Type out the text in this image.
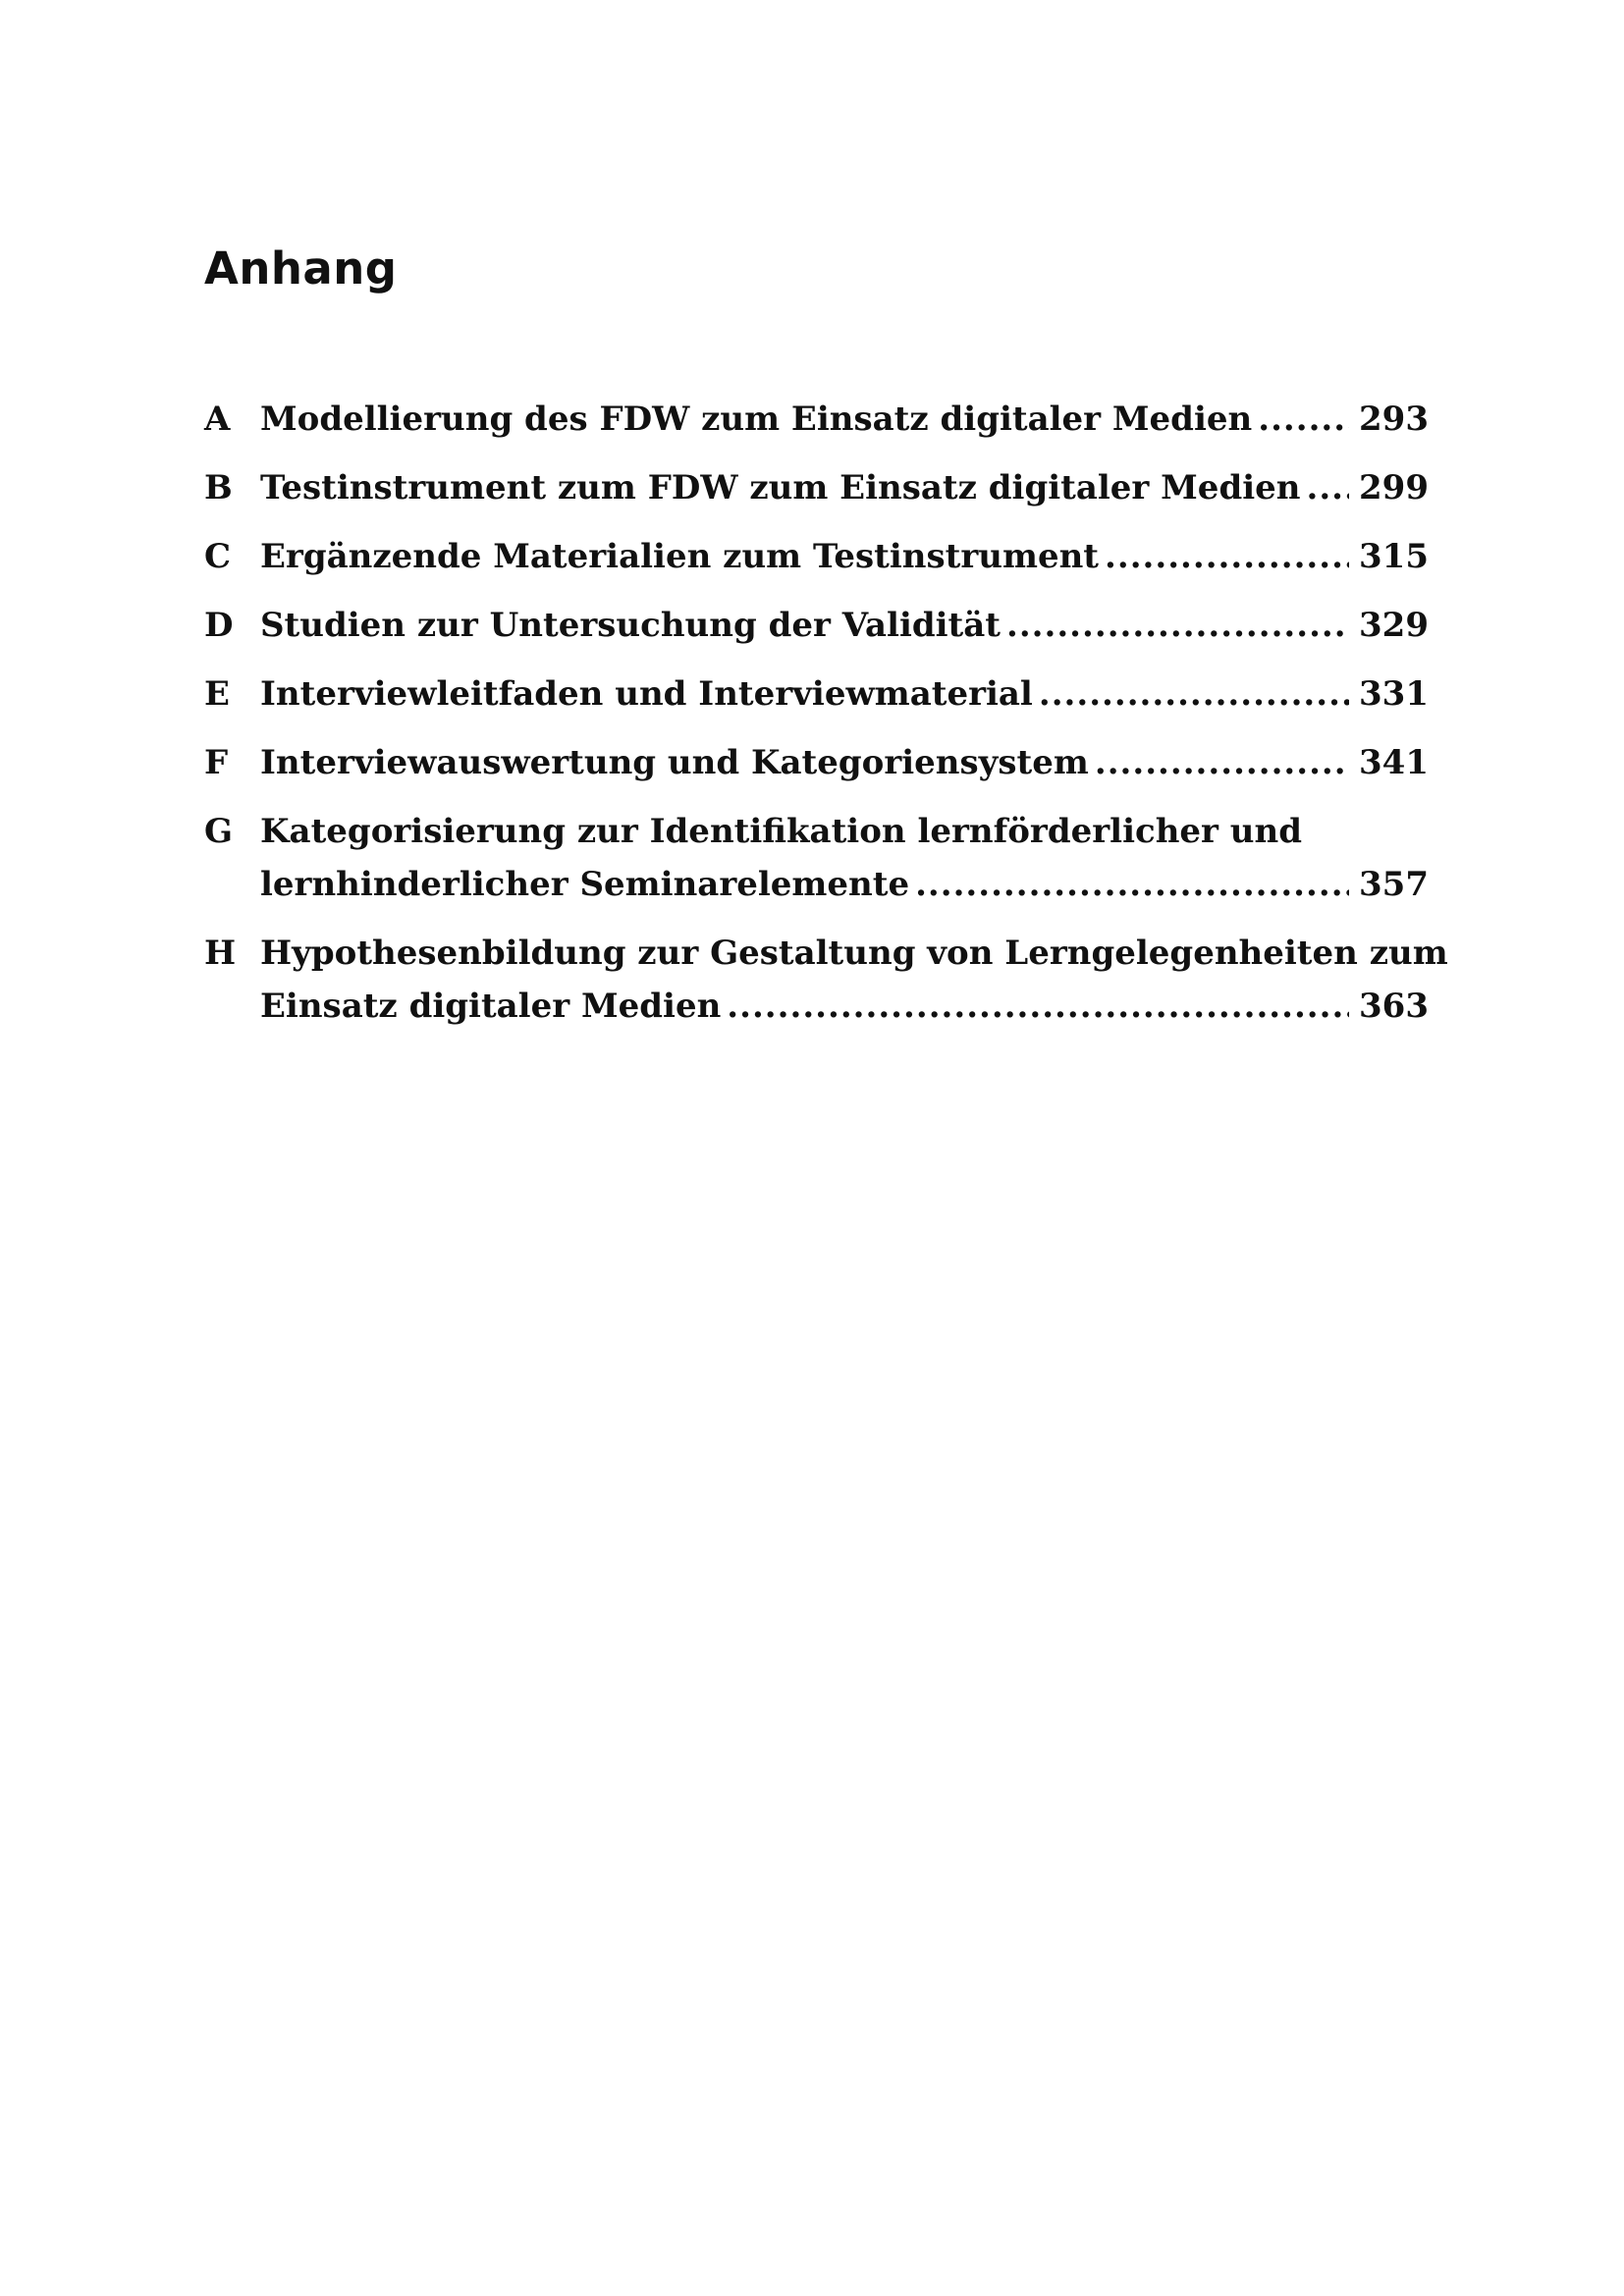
Anhang
A Modellierung des FDW zum Einsatz digitaler Medien .....	293
B Testinstrument zum FDW zum Einsatz digitaler Medien ..... 299
C Ergänzende Materialien zum Testinstrument .....	315
D Studien zur Untersuchung der Validität .....	329
E Interviewleitfaden und Interviewmaterial .....	331
F Interviewauswertung und Kategoriensystem .....	341
G Kategorisierung zur Identifikation lernförderlicher und
lernhinderlicher Seminarelemente .....	357
H Hypothesenbildung zur Gestaltung von Lerngelegenheiten zum
Einsatz digitaler Medien .....	363
